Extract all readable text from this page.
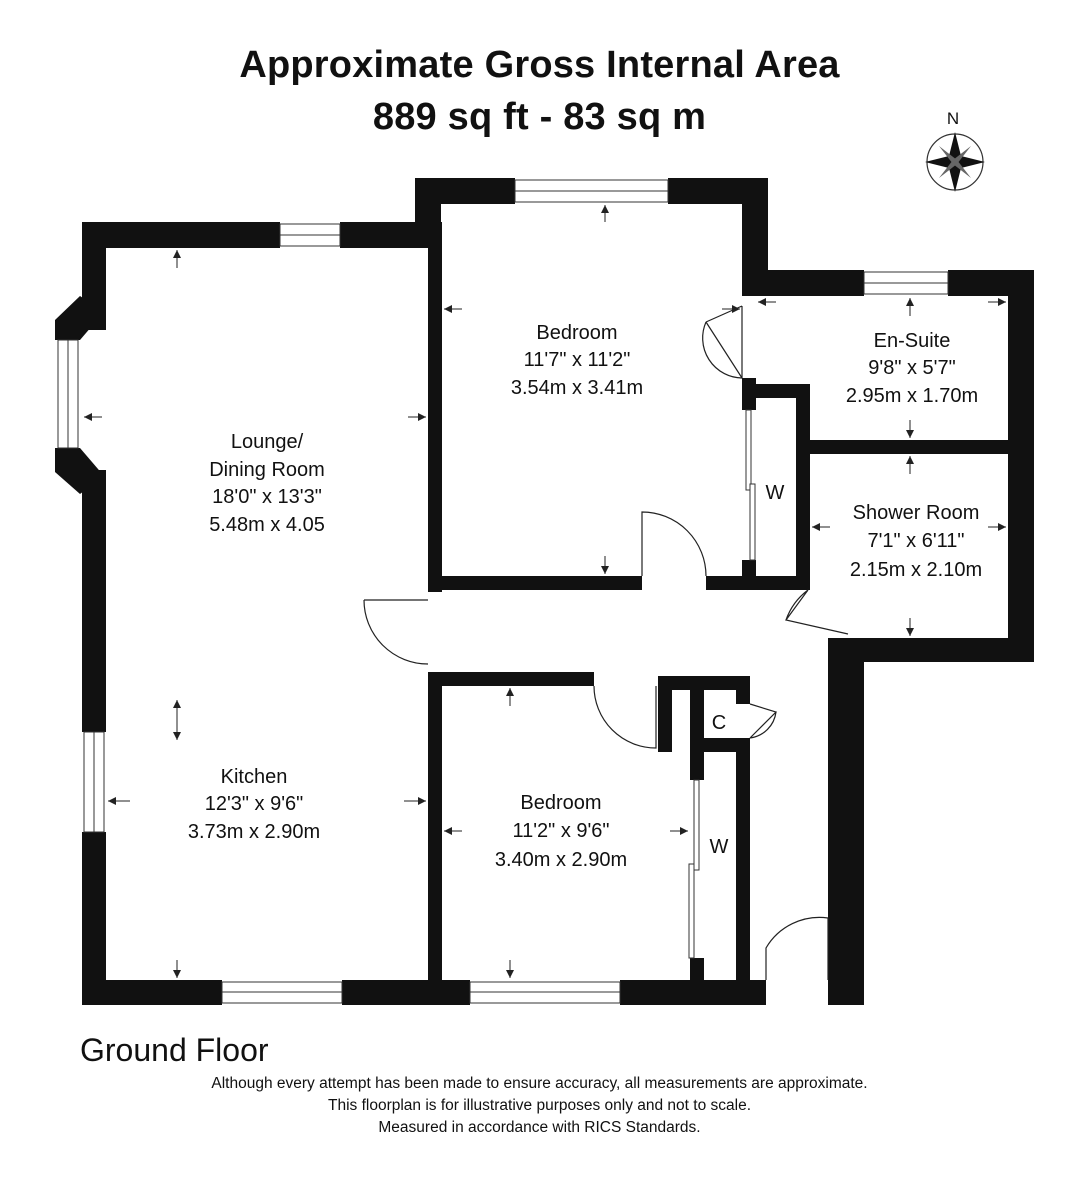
Approximate Gross Internal Area
889 sq ft - 83 sq m	N
Lounge/
Dining Room
18'0" x 13'3"
5.48m x 4.05
Bedroom
11'7" x 11'2"
3.54m x 3.41m
En-Suite
9'8" x 5'7"
2.95m x 1.70m
Shower Room
7'1" x 6'11"
2.15m x 2.10m
Kitchen
12'3" x 9'6"
3.73m x 2.90m
Bedroom
11'2" x 9'6"
3.40m x 2.90m
W
W
C
Ground Floor
Although every attempt has been made to ensure accuracy, all measurements are approximate.
This floorplan is for illustrative purposes only and not to scale.
Measured in accordance with RICS Standards.
